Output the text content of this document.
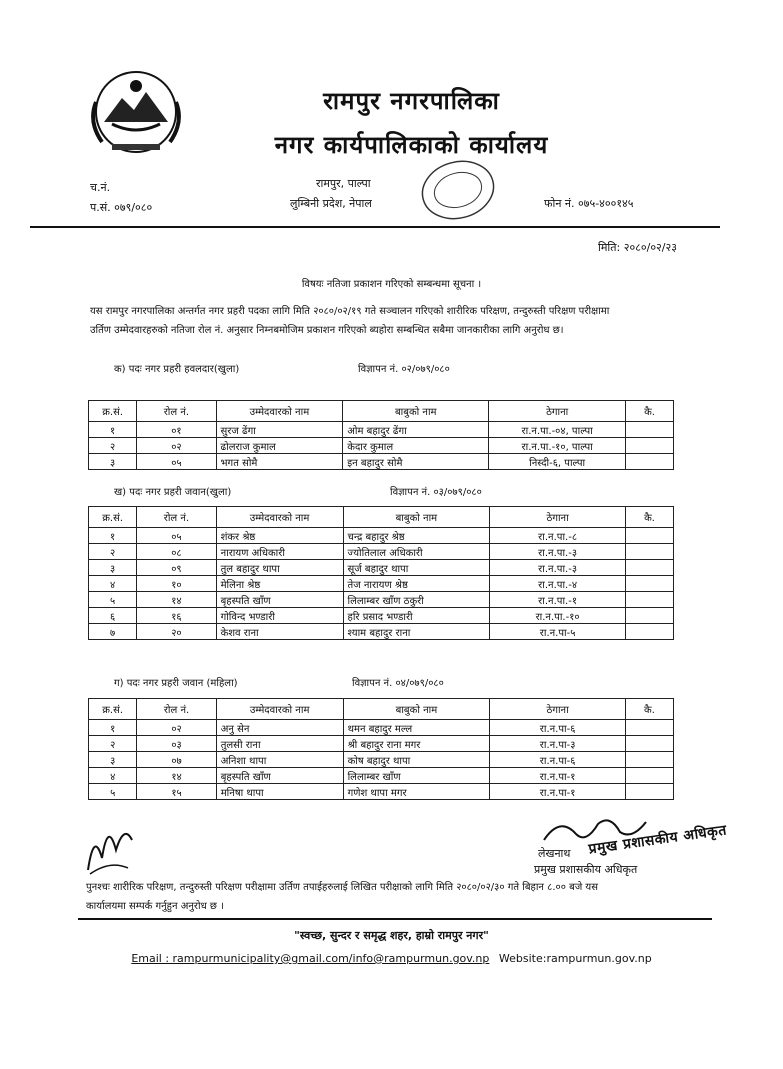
रामपुर नगरपालिका
नगर कार्यपालिकाको कार्यालय
च.नं.
प.सं. ०७९/०८०
रामपुर, पाल्पा
लुम्बिनी प्रदेश, नेपाल	फोन नं. ०७५-४००१४५
मिति: २०८०/०२/२३
विषयः नतिजा प्रकाशन गरिएको सम्बन्धमा सूचना ।
यस रामपुर नगरपालिका अन्तर्गत नगर प्रहरी पदका लागि मिति २०८०/०२/१९ गते सञ्चालन गरिएको शारीरिक परिक्षण, तन्दुरुस्ती परिक्षण परीक्षामा
उर्तिण उम्मेदवारहरुको नतिजा रोल नं. अनुसार निम्नबमोजिम प्रकाशन गरिएको ब्यहोरा सम्बन्धित सबैमा जानकारीका लागि अनुरोध छ।
क) पदः नगर प्रहरी हवलदार(खुला)	विज्ञापन नं. ०२/०७९/०८०
क्र.सं.	रोल नं.	उम्मेदवारको नाम	बाबुको नाम	ठेगाना	कै.
१	०१	सुरज ढेंगा	ओम बहादुर ढेंगा	रा.न.पा.-०४, पाल्पा	
२	०२	ढोलराज कुमाल	केदार कुमाल	रा.न.पा.-१०, पाल्पा	
३	०५	भगत सोमै	इन बहादुर सोमै	निस्दी-६, पाल्पा	
ख) पदः नगर प्रहरी जवान(खुला)	विज्ञापन नं. ०३/०७९/०८०
क्र.सं.	रोल नं.	उम्मेदवारको नाम	बाबुको नाम	ठेगाना	कै.
१	०५	शंकर श्रेष्ठ	चन्द्र बहादुर श्रेष्ठ	रा.न.पा.-८	
२	०८	नारायण अधिकारी	ज्योतिलाल अधिकारी	रा.न.पा.-३	
३	०९	तुल बहादुर थापा	सूर्ज बहादुर थापा	रा.न.पा.-३	
४	१०	मेलिना श्रेष्ठ	तेज नारायण श्रेष्ठ	रा.न.पा.-४	
५	१४	बृहस्पति खाँण	लिलाम्बर खाँण ठकुरी	रा.न.पा.-१	
६	१६	गोविन्द भण्डारी	हरि प्रसाद भण्डारी	रा.न.पा.-१०	
७	२०	केशव राना	श्याम बहादुर राना	रा.न.पा-५	
ग) पदः नगर प्रहरी जवान (महिला)	विज्ञापन नं. ०४/०७९/०८०
क्र.सं.	रोल नं.	उम्मेदवारको नाम	बाबुको नाम	ठेगाना	कै.
१	०२	अनु सेन	थमन बहादुर मल्ल	रा.न.पा-६	
२	०३	तुलसी राना	श्री बहादुर राना मगर	रा.न.पा-३	
३	०७	अनिशा थापा	कोष बहादुर थापा	रा.न.पा-६	
४	१४	बृहस्पति खाँण	लिलाम्बर खाँण	रा.न.पा-१	
५	१५	मनिषा थापा	गणेश थापा मगर	रा.न.पा-१	
प्रमुख प्रशासकीय अधिकृत
लेखनाथ
प्रमुख प्रशासकीय अधिकृत
पुनश्चः शारीरिक परिक्षण, तन्दुरुस्ती परिक्षण परीक्षामा उर्तिण तपाईहरुलाई लिखित परीक्षाको लागि मिति २०८०/०२/३० गते बिहान ८.०० बजे यस
कार्यालयमा सम्पर्क गर्नुहुन अनुरोध छ ।
"स्वच्छ, सुन्दर र समृद्ध शहर, हाम्रो रामपुर नगर"
Email : rampurmunicipality@gmail.com/info@rampurmun.gov.np Website:rampurmun.gov.np
